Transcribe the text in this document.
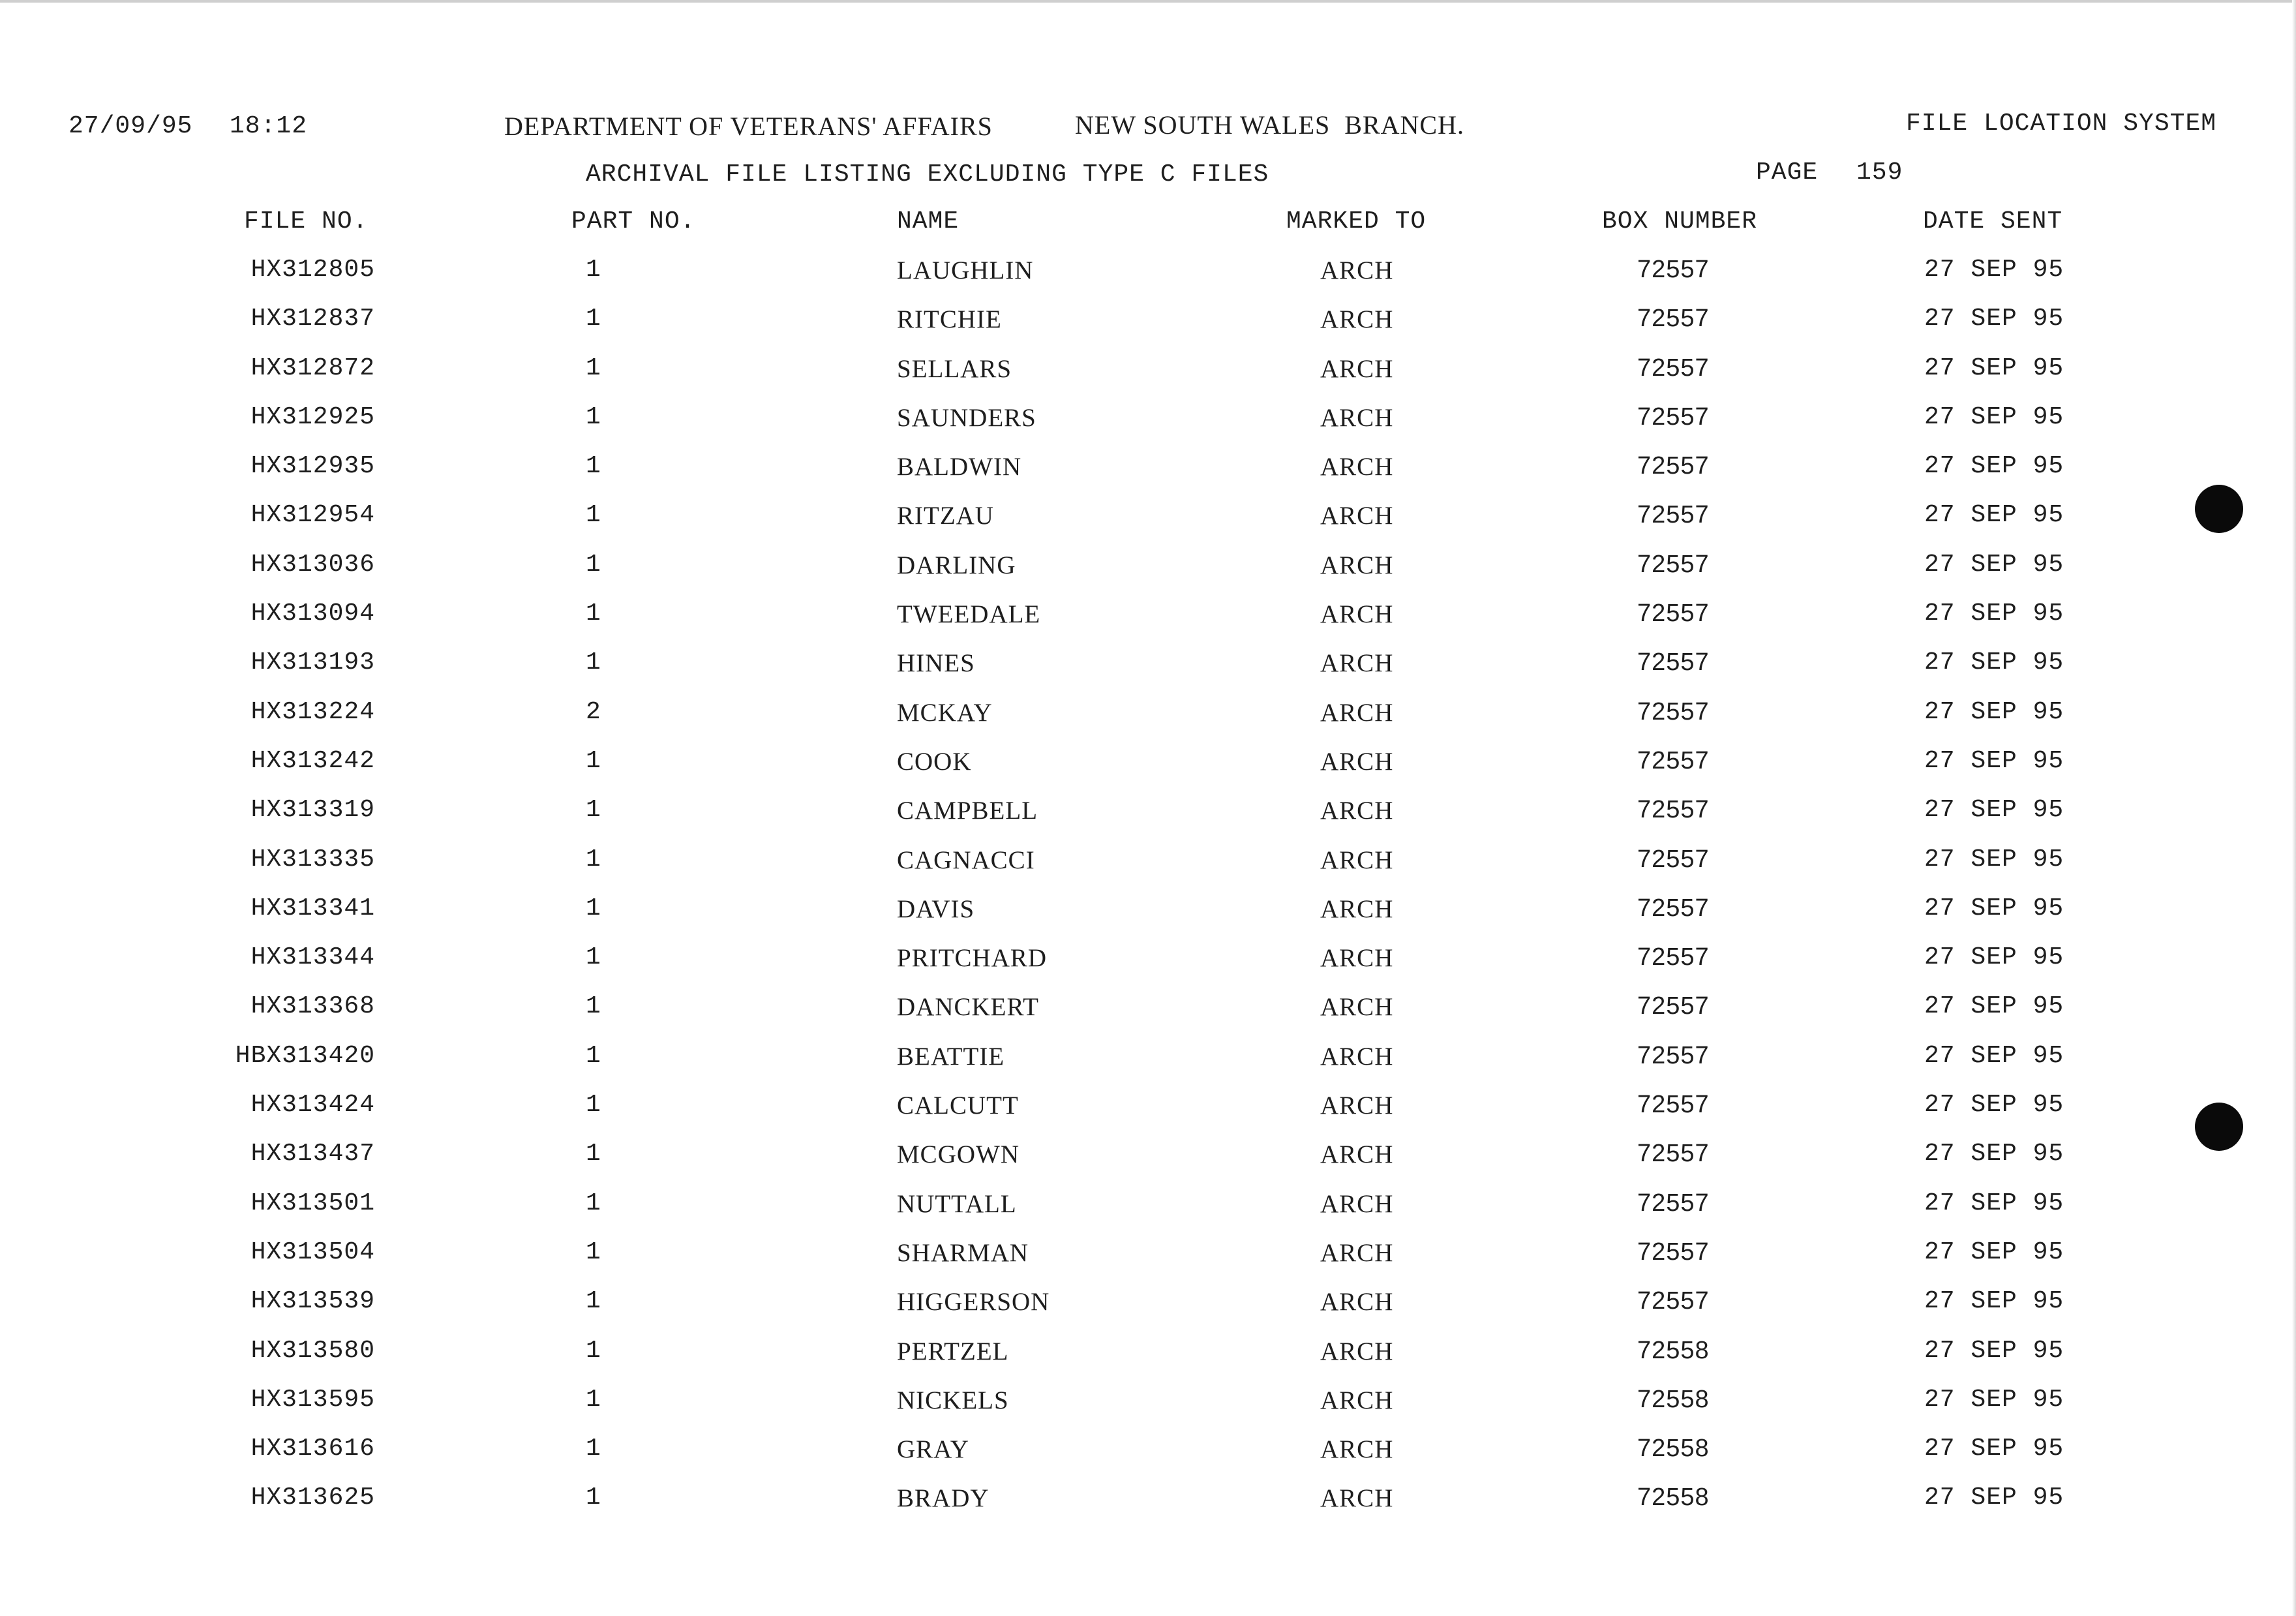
27/09/95 18:12	DEPARTMENT OF VETERANS' AFFAIRS	NEW SOUTH WALES  BRANCH.	FILE LOCATION SYSTEM
ARCHIVAL FILE LISTING EXCLUDING TYPE C FILES	PAGE 159
FILE NO.	PART NO.	NAME	MARKED TO	BOX NUMBER	DATE SENT
HX312805	1	LAUGHLIN	ARCH	72557	27 SEP 95
HX312837	1	RITCHIE	ARCH	72557	27 SEP 95
HX312872	1	SELLARS	ARCH	72557	27 SEP 95
HX312925	1	SAUNDERS	ARCH	72557	27 SEP 95
HX312935	1	BALDWIN	ARCH	72557	27 SEP 95
HX312954	1	RITZAU	ARCH	72557	27 SEP 95
HX313036	1	DARLING	ARCH	72557	27 SEP 95
HX313094	1	TWEEDALE	ARCH	72557	27 SEP 95
HX313193	1	HINES	ARCH	72557	27 SEP 95
HX313224	2	MCKAY	ARCH	72557	27 SEP 95
HX313242	1	COOK	ARCH	72557	27 SEP 95
HX313319	1	CAMPBELL	ARCH	72557	27 SEP 95
HX313335	1	CAGNACCI	ARCH	72557	27 SEP 95
HX313341	1	DAVIS	ARCH	72557	27 SEP 95
HX313344	1	PRITCHARD	ARCH	72557	27 SEP 95
HX313368	1	DANCKERT	ARCH	72557	27 SEP 95
HBX313420	1	BEATTIE	ARCH	72557	27 SEP 95
HX313424	1	CALCUTT	ARCH	72557	27 SEP 95
HX313437	1	MCGOWN	ARCH	72557	27 SEP 95
HX313501	1	NUTTALL	ARCH	72557	27 SEP 95
HX313504	1	SHARMAN	ARCH	72557	27 SEP 95
HX313539	1	HIGGERSON	ARCH	72557	27 SEP 95
HX313580	1	PERTZEL	ARCH	72558	27 SEP 95
HX313595	1	NICKELS	ARCH	72558	27 SEP 95
HX313616	1	GRAY	ARCH	72558	27 SEP 95
HX313625	1	BRADY	ARCH	72558	27 SEP 95
